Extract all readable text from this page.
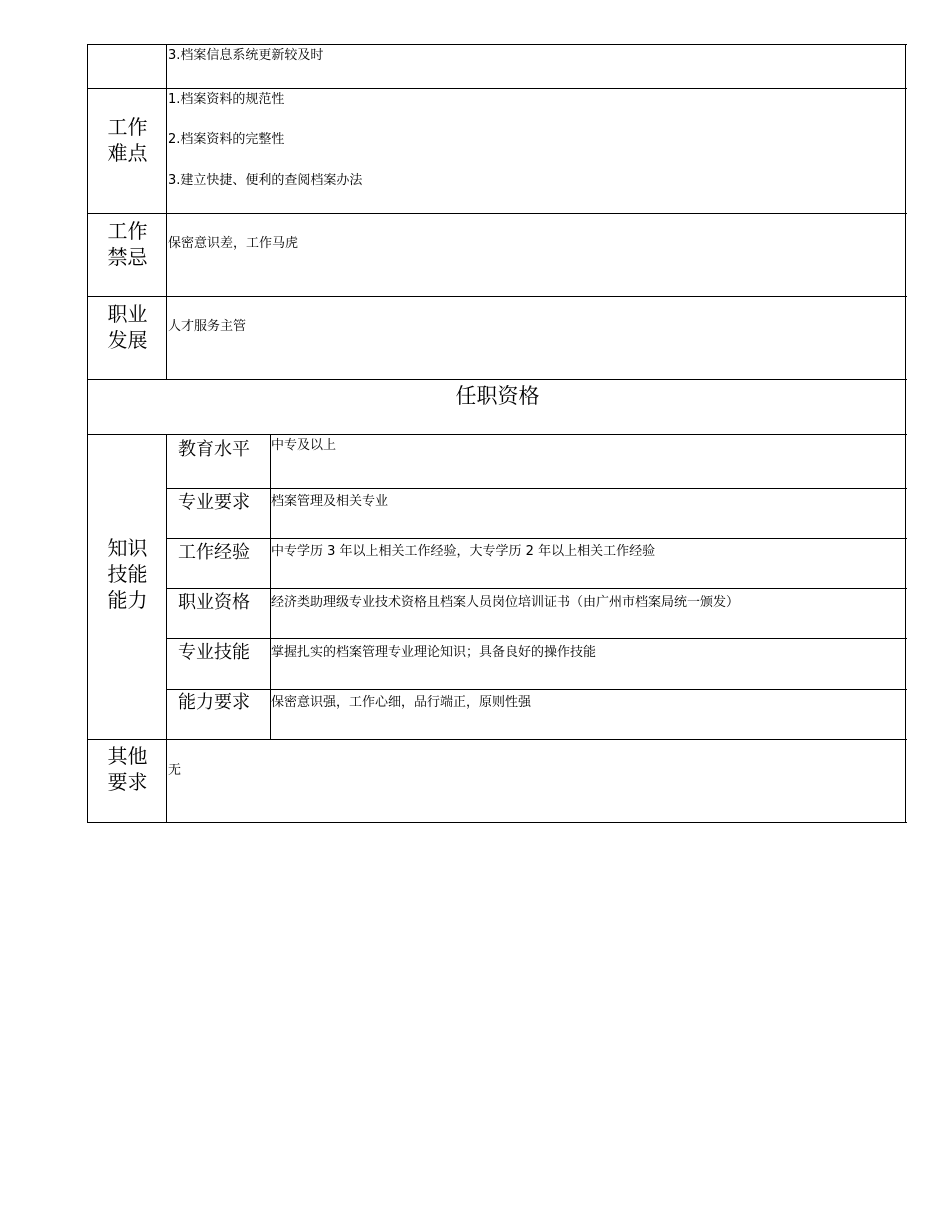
3.档案信息系统更新较及时
工作
难点
1.档案资料的规范性
2.档案资料的完整性
3.建立快捷、便利的查阅档案办法
工作
禁忌
保密意识差，工作马虎
职业
发展
人才服务主管
任职资格
知识
技能
能力
教育水平 中专及以上
专业要求 档案管理及相关专业
工作经验 中专学历 3 年以上相关工作经验，大专学历 2 年以上相关工作经验
职业资格 经济类助理级专业技术资格且档案人员岗位培训证书（由广州市档案局统一颁发）
专业技能 掌握扎实的档案管理专业理论知识；具备良好的操作技能
能力要求 保密意识强，工作心细，品行端正，原则性强
其他
要求	无
